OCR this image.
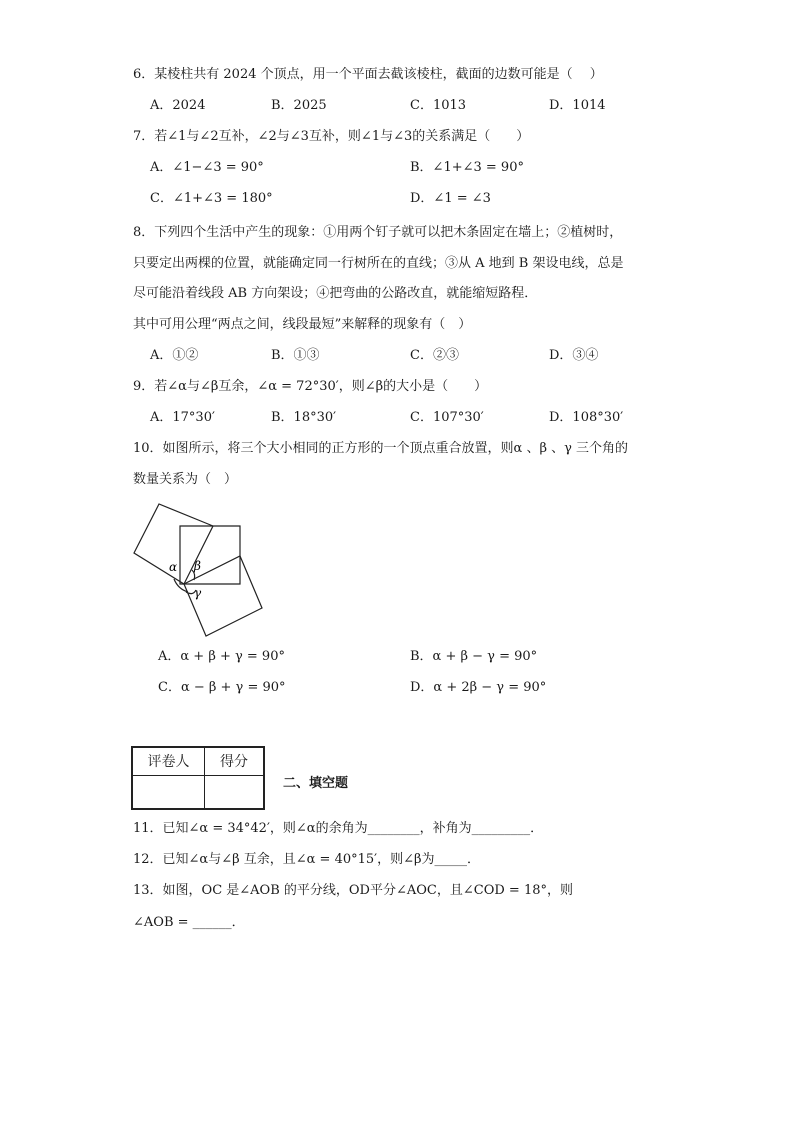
6．某棱柱共有 2024 个顶点，用一个平面去截该棱柱，截面的边数可能是（　 ）
A．2024	B．2025	C．1013	D．1014
7．若∠1与∠2互补，∠2与∠3互补，则∠1与∠3的关系满足（　　）
A．∠1−∠3 = 90°	B．∠1+∠3 = 90°
C．∠1+∠3 = 180°	D．∠1 = ∠3
8．下列四个生活中产生的现象：①用两个钉子就可以把木条固定在墙上；②植树时，
只要定出两棵的位置，就能确定同一行树所在的直线；③从 A 地到 B 架设电线，总是
尽可能沿着线段 AB 方向架设；④把弯曲的公路改直，就能缩短路程．
其中可用公理“两点之间，线段最短”来解释的现象有（　）
A．①②	B．①③	C．②③	D．③④
9．若∠α与∠β互余，∠α = 72°30′，则∠β的大小是（　　）
A．17°30′	B．18°30′	C．107°30′	D．108°30′
10．如图所示，将三个大小相同的正方形的一个顶点重合放置，则α 、β 、γ 三个角的
数量关系为（　）
α β
γ
A．α + β + γ = 90°	B．α + β − γ = 90°
C．α − β + γ = 90°	D．α + 2β − γ = 90°
评卷人	得分
二、填空题
11．已知∠α = 34°42′，则∠α的余角为________，补角为_________．
12．已知∠α与∠β 互余，且∠α = 40°15′，则∠β为_____．
13．如图，OC 是∠AOB 的平分线，OD平分∠AOC，且∠COD = 18°，则
∠AOB = ______．
